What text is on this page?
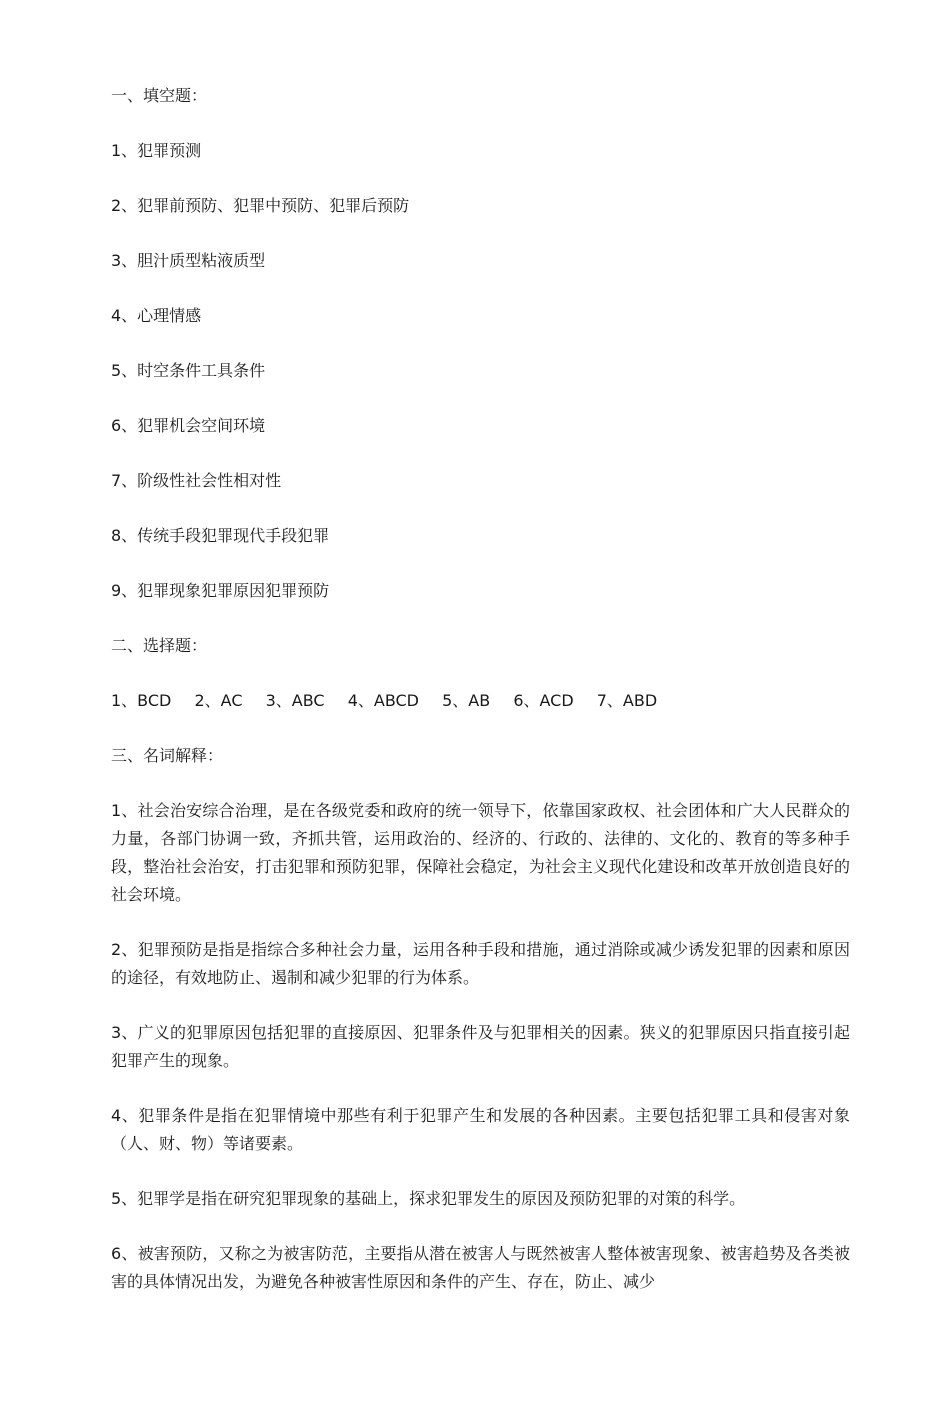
一、填空题：
1、犯罪预测
2、犯罪前预防、犯罪中预防、犯罪后预防
3、胆汁质型粘液质型
4、心理情感
5、时空条件工具条件
6、犯罪机会空间环境
7、阶级性社会性相对性
8、传统手段犯罪现代手段犯罪
9、犯罪现象犯罪原因犯罪预防
二、选择题：
1、BCD 2、AC 3、ABC 4、ABCD 5、AB 6、ACD 7、ABD
三、名词解释：
1、社会治安综合治理，是在各级党委和政府的统一领导下，依靠国家政权、社会团体和广大人民群众的力量，各部门协调一致，齐抓共管，运用政治的、经济的、行政的、法律的、文化的、教育的等多种手段，整治社会治安，打击犯罪和预防犯罪，保障社会稳定，为社会主义现代化建设和改革开放创造良好的社会环境。
2、犯罪预防是指是指综合多种社会力量，运用各种手段和措施，通过消除或减少诱发犯罪的因素和原因的途径，有效地防止、遏制和减少犯罪的行为体系。
3、广义的犯罪原因包括犯罪的直接原因、犯罪条件及与犯罪相关的因素。狭义的犯罪原因只指直接引起犯罪产生的现象。
4、犯罪条件是指在犯罪情境中那些有利于犯罪产生和发展的各种因素。主要包括犯罪工具和侵害对象（人、财、物）等诸要素。
5、犯罪学是指在研究犯罪现象的基础上，探求犯罪发生的原因及预防犯罪的对策的科学。
6、被害预防，又称之为被害防范，主要指从潜在被害人与既然被害人整体被害现象、被害趋势及各类被害的具体情况出发，为避免各种被害性原因和条件的产生、存在，防止、减少
